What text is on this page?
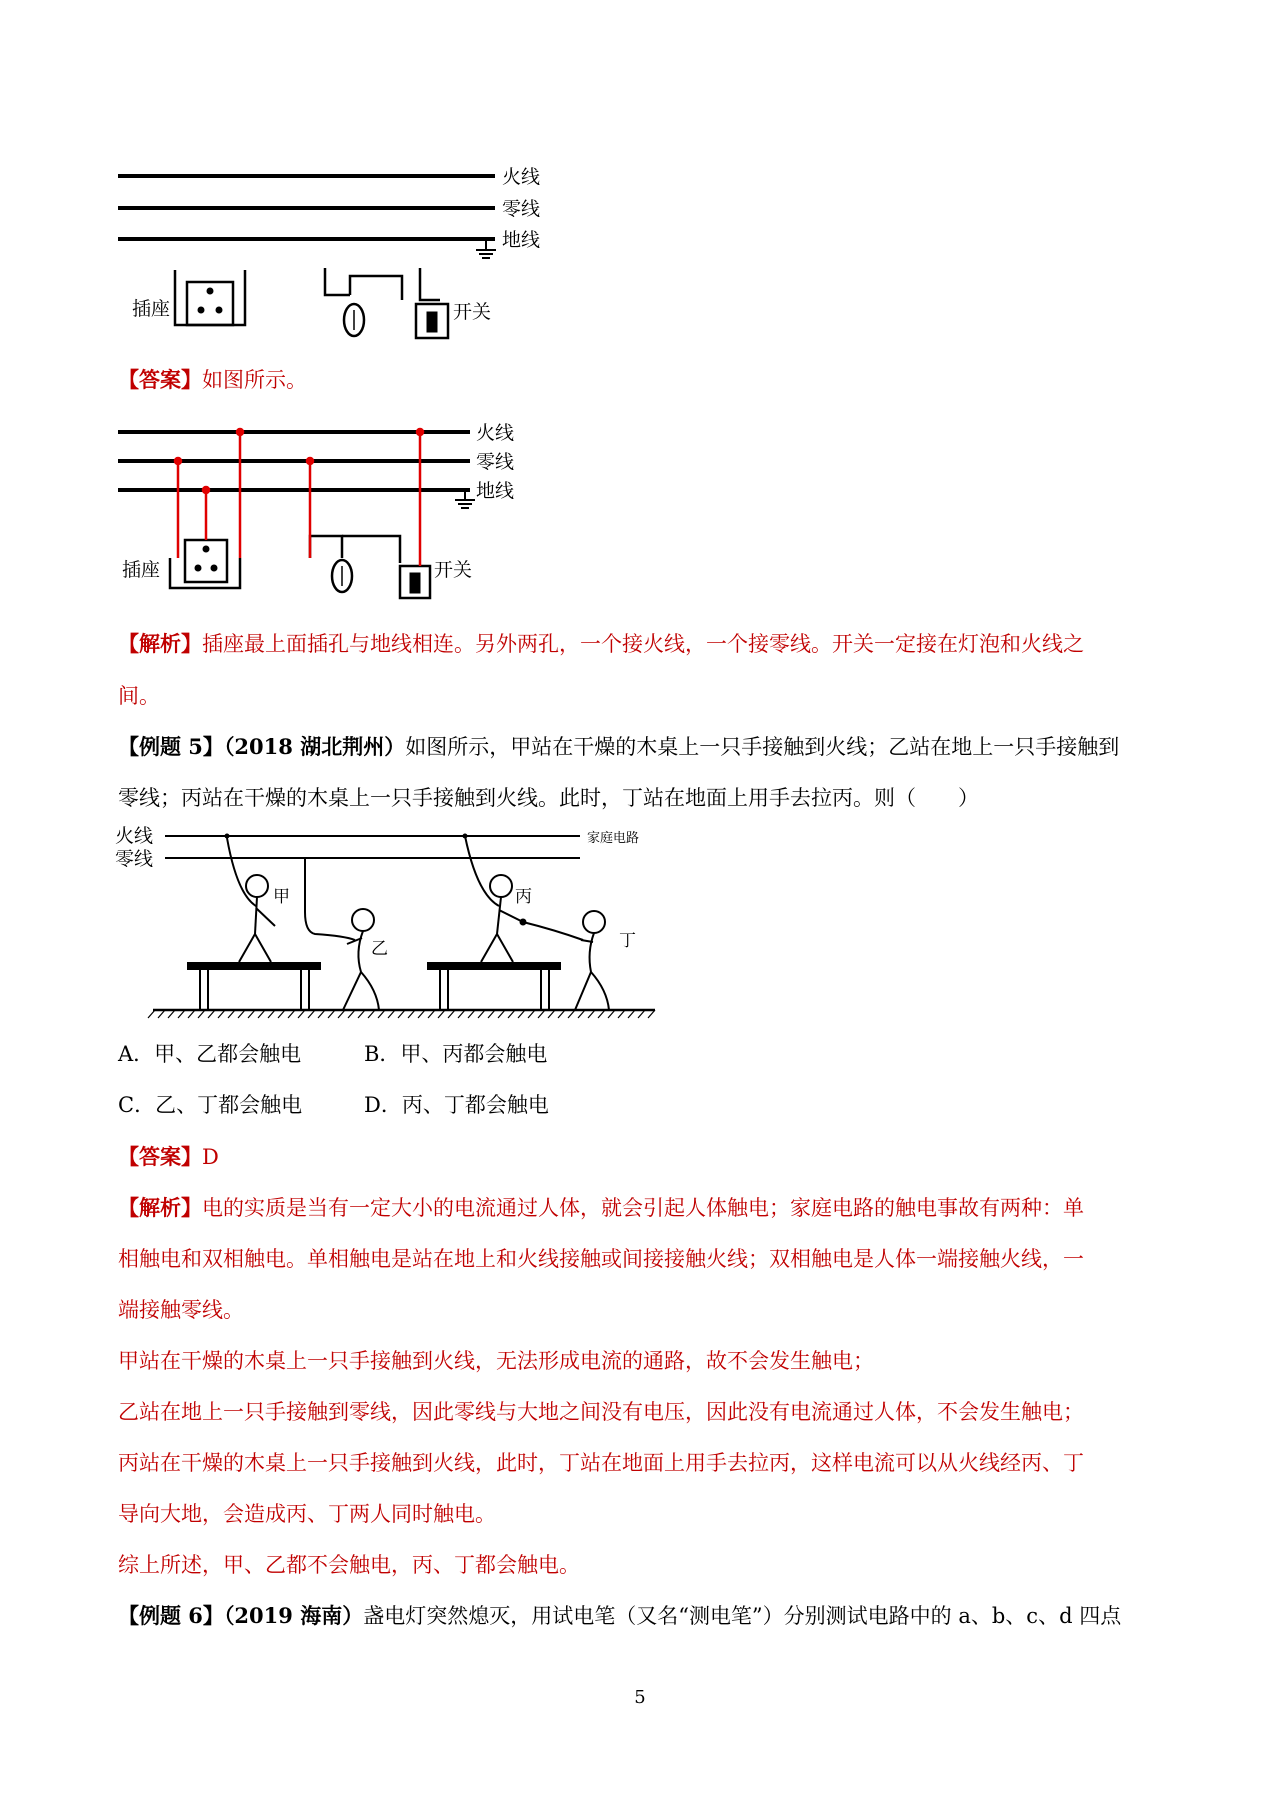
火线
零线
地线
插座	开关
【答案】如图所示。
火线
零线
地线
插座	开关
【解析】插座最上面插孔与地线相连。另外两孔，一个接火线，一个接零线。开关一定接在灯泡和火线之
间。
【例题 5】（2018 湖北荆州）如图所示，甲站在干燥的木桌上一只手接触到火线；乙站在地上一只手接触到
零线；丙站在干燥的木桌上一只手接触到火线。此时，丁站在地面上用手去拉丙。则（　　）
火线
零线
家庭电路
甲
乙
丙
丁
A．甲、乙都会触电	B．甲、丙都会触电
C．乙、丁都会触电	D．丙、丁都会触电
【答案】D
【解析】电的实质是当有一定大小的电流通过人体，就会引起人体触电；家庭电路的触电事故有两种：单
相触电和双相触电。单相触电是站在地上和火线接触或间接接触火线；双相触电是人体一端接触火线，一
端接触零线。
甲站在干燥的木桌上一只手接触到火线，无法形成电流的通路，故不会发生触电；
乙站在地上一只手接触到零线，因此零线与大地之间没有电压，因此没有电流通过人体，不会发生触电；
丙站在干燥的木桌上一只手接触到火线，此时，丁站在地面上用手去拉丙，这样电流可以从火线经丙、丁
导向大地，会造成丙、丁两人同时触电。
综上所述，甲、乙都不会触电，丙、丁都会触电。
【例题 6】（2019 海南）盏电灯突然熄灭，用试电笔（又名“测电笔”）分别测试电路中的 a、b、c、d 四点
5
